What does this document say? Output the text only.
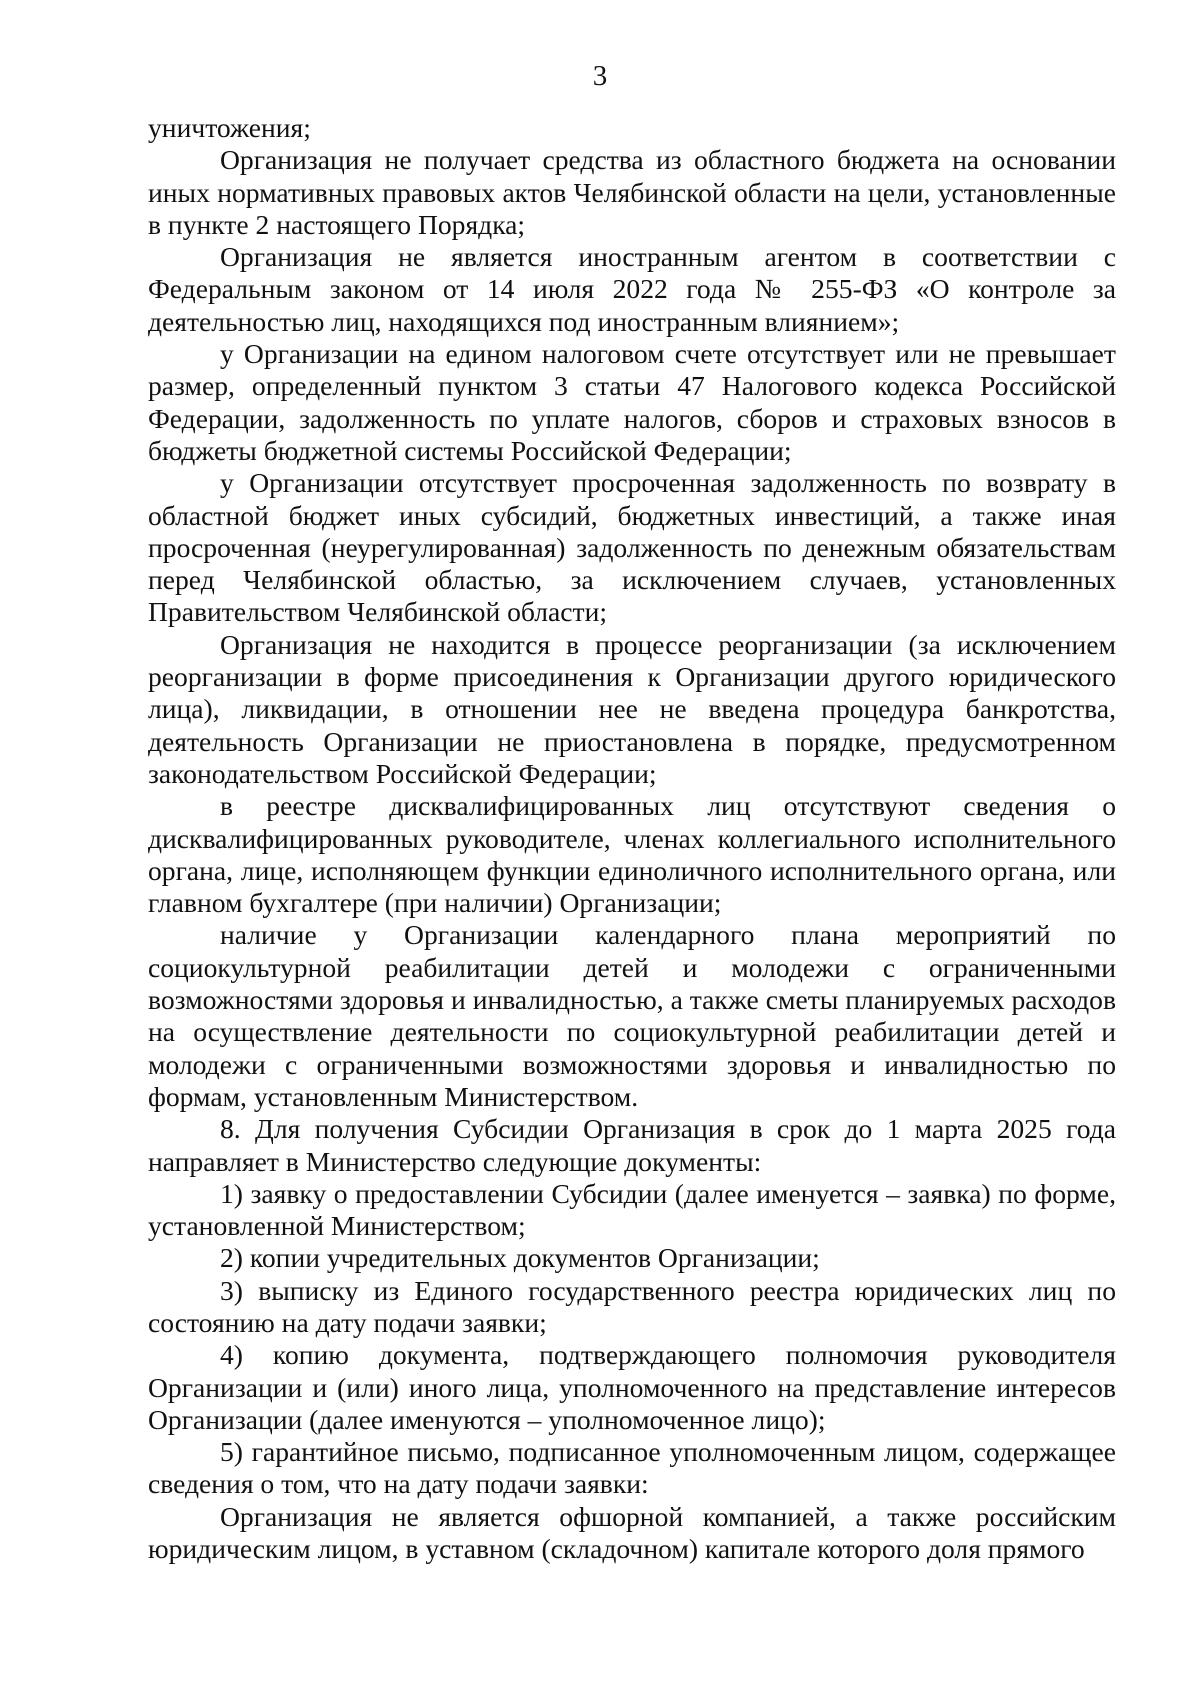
3

уничтожения;

Организация не получает средства из областного бюджета на основании иных нормативных правовых актов Челябинской области на цели, установленные в пункте 2 настоящего Порядка;

Организация не является иностранным агентом в соответствии с Федеральным законом от 14 июля 2022 года № 255-ФЗ «О контроле за деятельностью лиц, находящихся под иностранным влиянием»;

у Организации на едином налоговом счете отсутствует или не превышает размер, определенный пунктом 3 статьи 47 Налогового кодекса Российской Федерации, задолженность по уплате налогов, сборов и страховых взносов в бюджеты бюджетной системы Российской Федерации;

у Организации отсутствует просроченная задолженность по возврату в областной бюджет иных субсидий, бюджетных инвестиций, а также иная просроченная (неурегулированная) задолженность по денежным обязательствам перед Челябинской областью, за исключением случаев, установленных Правительством Челябинской области;

Организация не находится в процессе реорганизации (за исключением реорганизации в форме присоединения к Организации другого юридического лица), ликвидации, в отношении нее не введена процедура банкротства, деятельность Организации не приостановлена в порядке, предусмотренном законодательством Российской Федерации;

в реестре дисквалифицированных лиц отсутствуют сведения о дисквалифицированных руководителе, членах коллегиального исполнительного органа, лице, исполняющем функции единоличного исполнительного органа, или главном бухгалтере (при наличии) Организации;

наличие у Организации календарного плана мероприятий по социокультурной реабилитации детей и молодежи с ограниченными возможностями здоровья и инвалидностью, а также сметы планируемых расходов на осуществление деятельности по социокультурной реабилитации детей и молодежи с ограниченными возможностями здоровья и инвалидностью по формам, установленным Министерством.

8. Для получения Субсидии Организация в срок до 1 марта 2025 года направляет в Министерство следующие документы:

1) заявку о предоставлении Субсидии (далее именуется – заявка) по форме, установленной Министерством;

2) копии учредительных документов Организации;

3) выписку из Единого государственного реестра юридических лиц по состоянию на дату подачи заявки;

4) копию документа, подтверждающего полномочия руководителя Организации и (или) иного лица, уполномоченного на представление интересов Организации (далее именуются – уполномоченное лицо);

5) гарантийное письмо, подписанное уполномоченным лицом, содержащее сведения о том, что на дату подачи заявки:

Организация не является офшорной компанией, а также российским юридическим лицом, в уставном (складочном) капитале которого доля прямого
